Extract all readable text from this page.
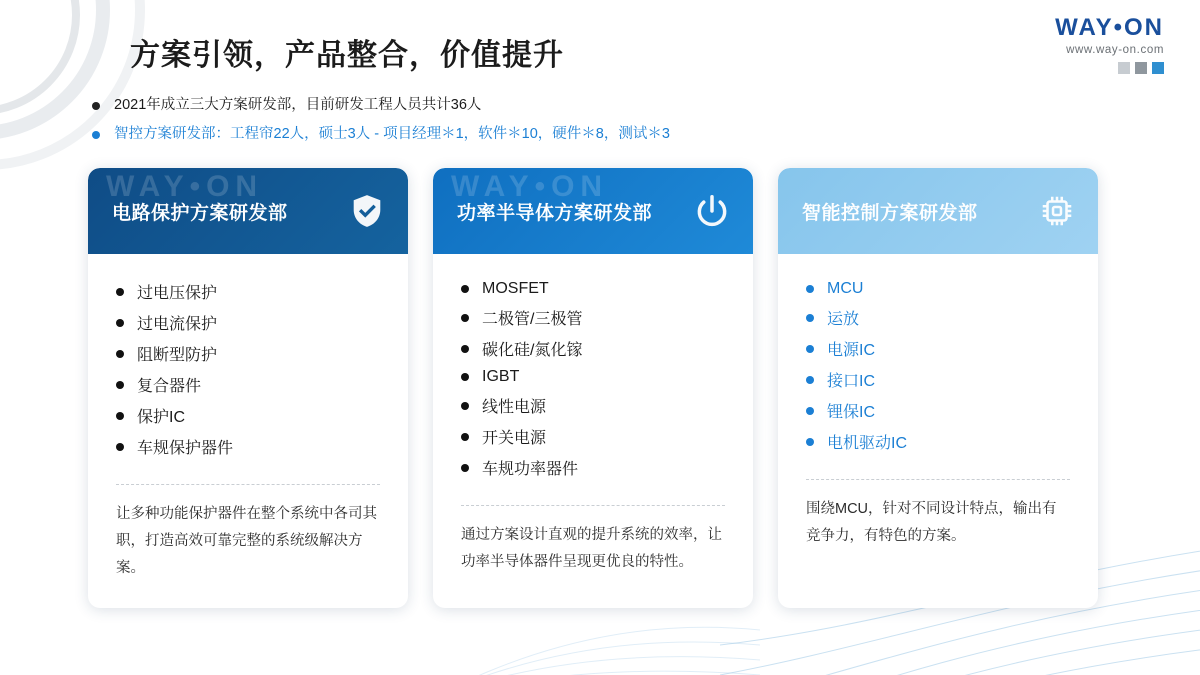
WAY•ON
www.way-on.com
方案引领，产品整合，价值提升
2021年成立三大方案研发部，目前研发工程人员共计36人
智控方案研发部：工程帘22人，硕士3人 - 项目经理＊1，软件＊10，硬件＊8，测试＊3
WAY•ON
电路保护方案研发部
过电压保护
过电流保护
阻断型防护
复合器件
保护IC
车规保护器件
让多种功能保护器件在整个系统中各司其职，打造高效可靠完整的系统级解决方案。
WAY•ON
功率半导体方案研发部
MOSFET
二极管/三极管
碳化硅/氮化镓
IGBT
线性电源
开关电源
车规功率器件
通过方案设计直观的提升系统的效率，让功率半导体器件呈现更优良的特性。
智能控制方案研发部
MCU
运放
电源IC
接口IC
锂保IC
电机驱动IC
围绕MCU，针对不同设计特点，输出有竞争力，有特色的方案。
